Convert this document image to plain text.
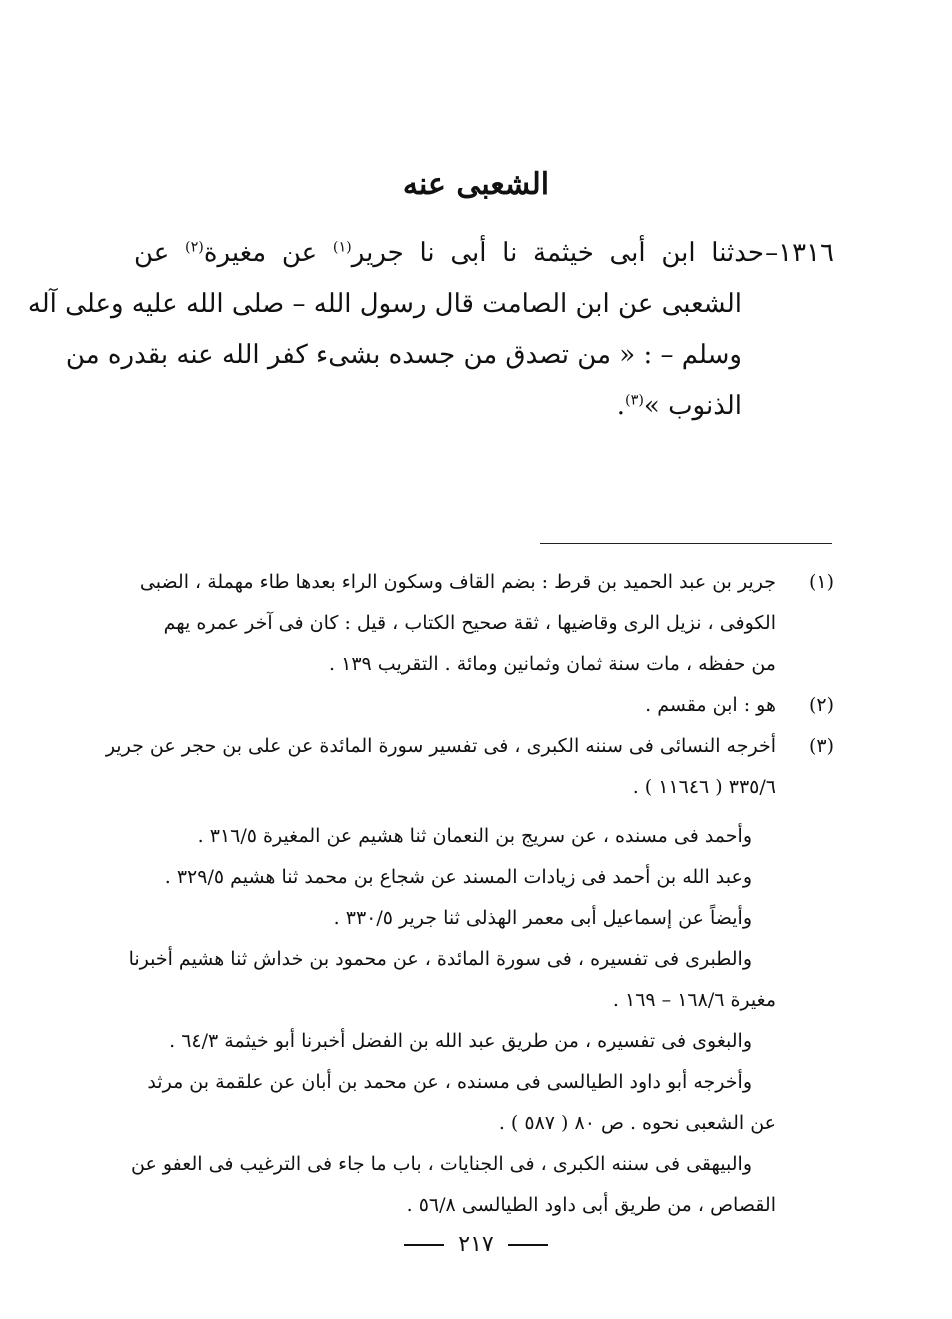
الشعبى عنه
١٣١٦–حدثنا ابن أبى خيثمة نا أبى نا جرير$^{(١)}$ عن مغيرة$^{(٢)}$ عن
الشعبى عن ابن الصامت قال رسول الله – صلى الله عليه وعلى آله
وسلم – : « من تصدق من جسده بشىء كفر الله عنه بقدره من
الذنوب »$^{(٣)}$.
(١)جرير بن عبد الحميد بن قرط : بضم القاف وسكون الراء بعدها طاء مهملة ، الضبى
الكوفى ، نزيل الرى وقاضيها ، ثقة صحيح الكتاب ، قيل : كان فى آخر عمره يهم
من حفظه ، مات سنة ثمان وثمانين ومائة . التقريب ١٣٩ .
(٢)هو : ابن مقسم .
(٣)أخرجه النسائى فى سننه الكبرى ، فى تفسير سورة المائدة عن على بن حجر عن جرير
٣٣٥/٦ ( ١١٦٤٦ ) .
وأحمد فى مسنده ، عن سريج بن النعمان ثنا هشيم عن المغيرة ٣١٦/٥ .
وعبد الله بن أحمد فى زيادات المسند عن شجاع بن محمد ثنا هشيم ٣٢٩/٥ .
وأيضاً عن إسماعيل أبى معمر الهذلى ثنا جرير ٣٣٠/٥ .
والطبرى فى تفسيره ، فى سورة المائدة ، عن محمود بن خداش ثنا هشيم أخبرنا
مغيرة ١٦٨/٦ – ١٦٩ .
والبغوى فى تفسيره ، من طريق عبد الله بن الفضل أخبرنا أبو خيثمة ٦٤/٣ .
وأخرجه أبو داود الطيالسى فى مسنده ، عن محمد بن أبان عن علقمة بن مرثد
عن الشعبى نحوه . ص ٨٠ ( ٥٨٧ ) .
والبيهقى فى سننه الكبرى ، فى الجنايات ، باب ما جاء فى الترغيب فى العفو عن
القصاص ، من طريق أبى داود الطيالسى ٥٦/٨ .
٢١٧
